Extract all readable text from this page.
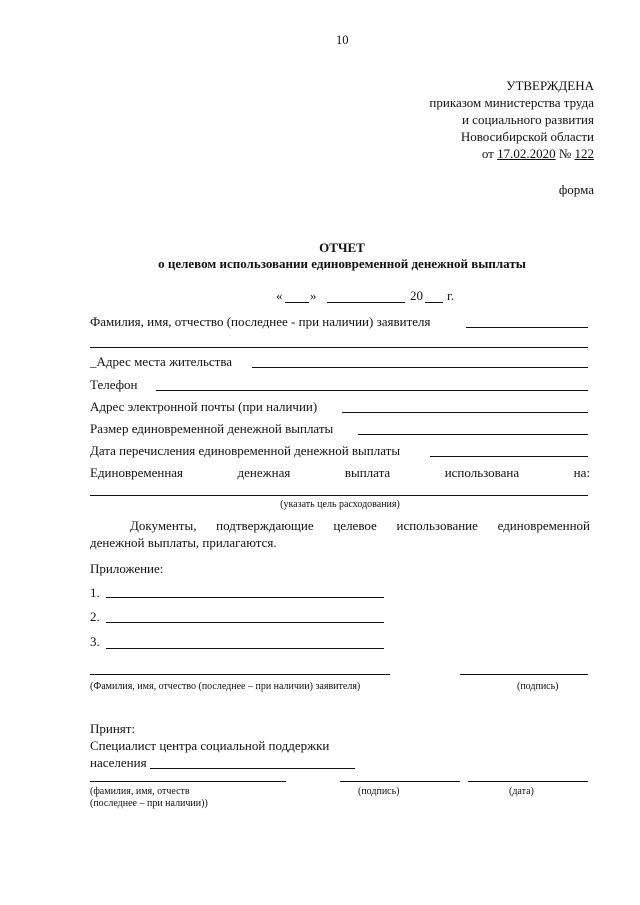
10
УТВЕРЖДЕНА
приказом министерства труда
и социального развития
Новосибирской области
от 17.02.2020 № 122
форма
ОТЧЕТ
о целевом использовании единовременной денежной выплаты
« »	20 г.
Фамилия, имя, отчество (последнее - при наличии) заявителя
_Адрес места жительства
Телефон
Адрес электронной почты (при наличии)
Размер единовременной денежной выплаты
Дата перечисления единовременной денежной выплаты
Единовременная денежная выплата использована на:
(указать цель расходования)
Документы, подтверждающие целевое использование единовременной
денежной выплаты, прилагаются.
Приложение:
1.
2.
3.
(Фамилия, имя, отчество (последнее – при наличии) заявителя)	(подпись)
Принят:
Специалист центра социальной поддержки
населения
(фамилия, имя, отчеств	(подпись)	(дата)
(последнее – при наличии))
